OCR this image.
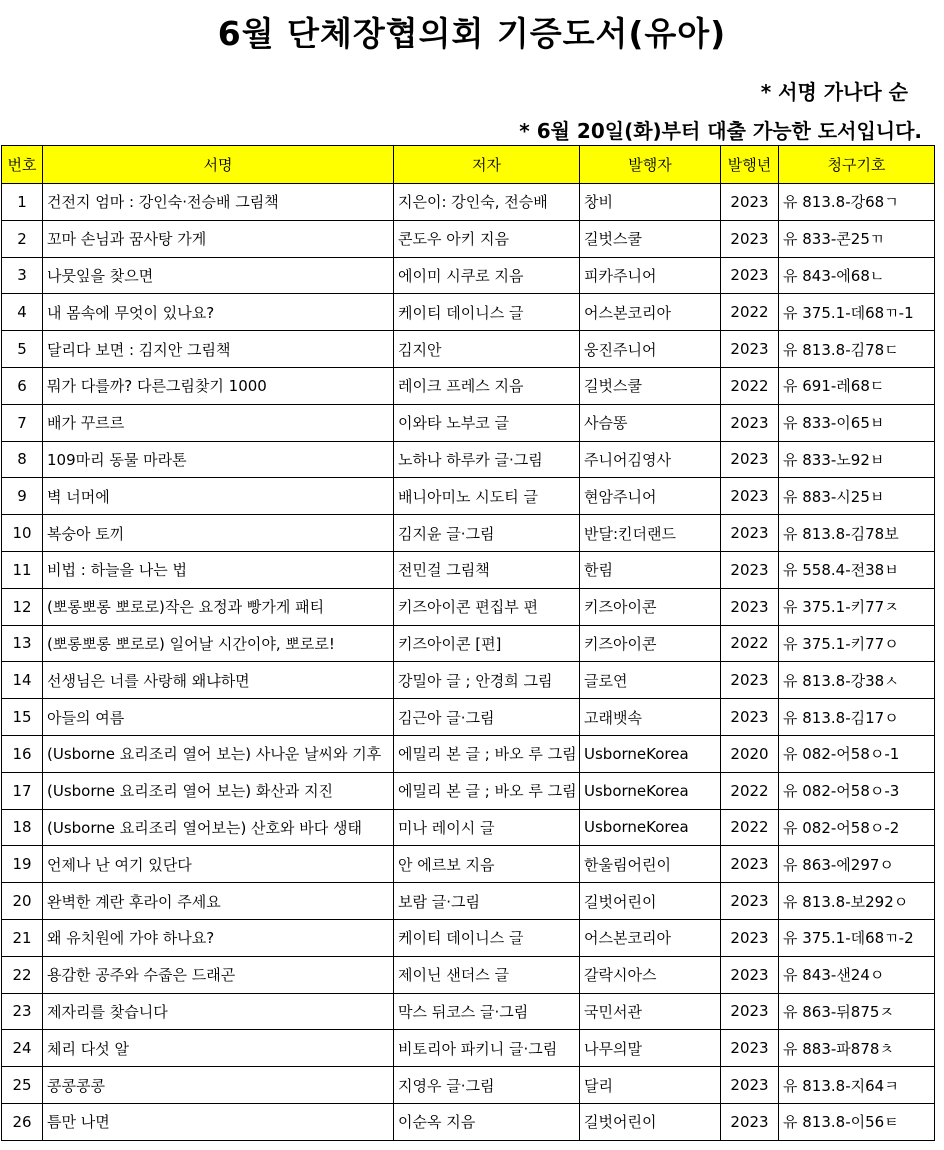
6월 단체장협의회 기증도서(유아)
* 서명 가나다 순
* 6월 20일(화)부터 대출 가능한 도서입니다.
번호	서명	저자	발행자	발행년	청구기호
1	건전지 엄마 : 강인숙·전승배 그림책	지은이: 강인숙, 전승배	창비	2023	유 813.8-강68ㄱ
2	꼬마 손님과 꿈사탕 가게	콘도우 아키 지음	길벗스쿨	2023	유 833-콘25ㄲ
3	나뭇잎을 찾으면	에이미 시쿠로 지음	피카주니어	2023	유 843-에68ㄴ
4	내 몸속에 무엇이 있나요?	케이티 데이니스 글	어스본코리아	2022	유 375.1-데68ㄲ-1
5	달리다 보면 : 김지안 그림책	김지안	웅진주니어	2023	유 813.8-김78ㄷ
6	뭐가 다를까? 다른그림찾기 1000	레이크 프레스 지음	길벗스쿨	2022	유 691-레68ㄷ
7	배가 꾸르르	이와타 노부코 글	사슴똥	2023	유 833-이65ㅂ
8	109마리 동물 마라톤	노하나 하루카 글·그림	주니어김영사	2023	유 833-노92ㅂ
9	벽 너머에	배니아미노 시도티 글	현암주니어	2023	유 883-시25ㅂ
10	복숭아 토끼	김지윤 글·그림	반달:킨더랜드	2023	유 813.8-김78보
11	비법 : 하늘을 나는 법	전민걸 그림책	한림	2023	유 558.4-전38ㅂ
12	(뽀롱뽀롱 뽀로로)작은 요정과 빵가게 패티	키즈아이콘 편집부 편	키즈아이콘	2023	유 375.1-키77ㅈ
13	(뽀롱뽀롱 뽀로로) 일어날 시간이야, 뽀로로!	키즈아이콘 [편]	키즈아이콘	2022	유 375.1-키77ㅇ
14	선생님은 너를 사랑해 왜냐하면	강밀아 글 ; 안경희 그림	글로연	2023	유 813.8-강38ㅅ
15	아들의 여름	김근아 글·그림	고래뱃속	2023	유 813.8-김17ㅇ
16	(Usborne 요리조리 열어 보는) 사나운 날씨와 기후	에밀리 본 글 ; 바오 루 그림	UsborneKorea	2020	유 082-어58ㅇ-1
17	(Usborne 요리조리 열어 보는) 화산과 지진	에밀리 본 글 ; 바오 루 그림	UsborneKorea	2022	유 082-어58ㅇ-3
18	(Usborne 요리조리 열어보는) 산호와 바다 생태	미나 레이시 글	UsborneKorea	2022	유 082-어58ㅇ-2
19	언제나 난 여기 있단다	안 에르보 지음	한울림어린이	2023	유 863-에297ㅇ
20	완벽한 계란 후라이 주세요	보람 글·그림	길벗어린이	2023	유 813.8-보292ㅇ
21	왜 유치원에 가야 하나요?	케이티 데이니스 글	어스본코리아	2023	유 375.1-데68ㄲ-2
22	용감한 공주와 수줍은 드래곤	제이닌 샌더스 글	갈락시아스	2023	유 843-샌24ㅇ
23	제자리를 찾습니다	막스 뒤코스 글·그림	국민서관	2023	유 863-뒤875ㅈ
24	체리 다섯 알	비토리아 파키니 글·그림	나무의말	2023	유 883-파878ㅊ
25	콩콩콩콩	지영우 글·그림	달리	2023	유 813.8-지64ㅋ
26	틈만 나면	이순옥 지음	길벗어린이	2023	유 813.8-이56ㅌ
